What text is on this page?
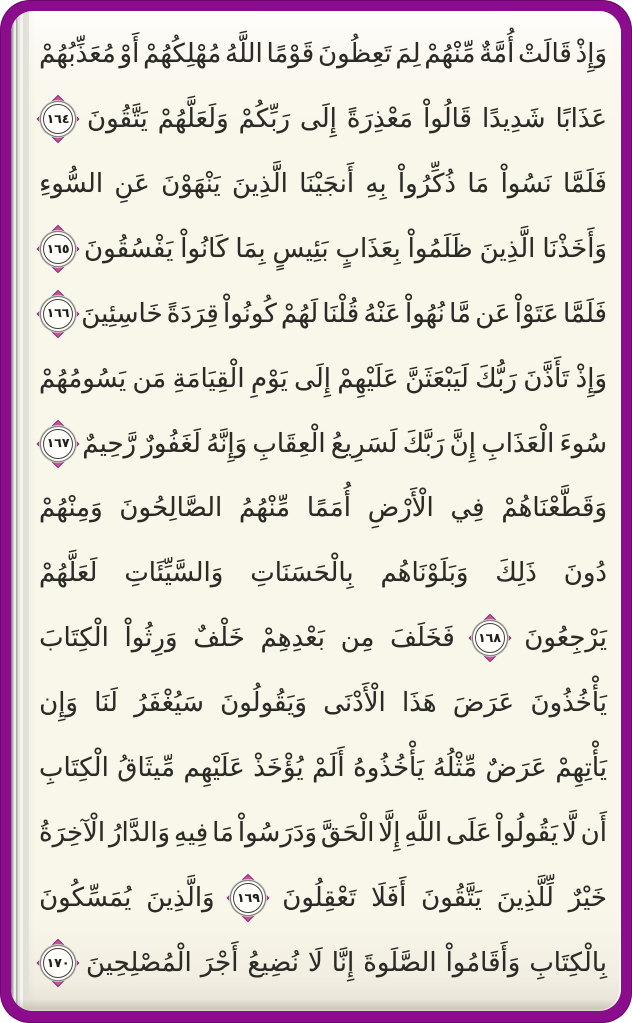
وَإِذْ
قَالَتْ
أُمَّةٌ
مِّنْهُمْ
لِمَ
تَعِظُونَ
قَوْمًا
اللَّهُ
مُهْلِكُهُمْ
أَوْ
مُعَذِّبُهُمْ
عَذَابًا
شَدِيدًا
قَالُواْ
مَعْذِرَةً
إِلَى
رَبِّكُمْ
وَلَعَلَّهُمْ
يَتَّقُونَ
١٦٤
فَلَمَّا
نَسُواْ
مَا
ذُكِّرُواْ
بِهِ
أَنجَيْنَا
الَّذِينَ
يَنْهَوْنَ
عَنِ
السُّوءِ
وَأَخَذْنَا
الَّذِينَ
ظَلَمُواْ
بِعَذَابٍ
بَئِيسٍ
بِمَا
كَانُواْ
يَفْسُقُونَ
١٦٥
فَلَمَّا
عَتَوْاْ
عَن
مَّا
نُهُواْ
عَنْهُ
قُلْنَا
لَهُمْ
كُونُواْ
قِرَدَةً
خَاسِئِينَ
١٦٦
وَإِذْ
تَأَذَّنَ
رَبُّكَ
لَيَبْعَثَنَّ
عَلَيْهِمْ
إِلَى
يَوْمِ
الْقِيَامَةِ
مَن
يَسُومُهُمْ
سُوءَ
الْعَذَابِ
إِنَّ
رَبَّكَ
لَسَرِيعُ
الْعِقَابِ
وَإِنَّهُ
لَغَفُورٌ
رَّحِيمٌ
١٦٧
وَقَطَّعْنَاهُمْ
فِي
الْأَرْضِ
أُمَمًا
مِّنْهُمُ
الصَّالِحُونَ
وَمِنْهُمْ
دُونَ
ذَلِكَ
وَبَلَوْنَاهُم
بِالْحَسَنَاتِ
وَالسَّيِّئَاتِ
لَعَلَّهُمْ
يَرْجِعُونَ
١٦٨
فَخَلَفَ
مِن
بَعْدِهِمْ
خَلْفٌ
وَرِثُواْ
الْكِتَابَ
يَأْخُذُونَ
عَرَضَ
هَذَا
الْأَدْنَى
وَيَقُولُونَ
سَيُغْفَرُ
لَنَا
وَإِن
يَأْتِهِمْ
عَرَضٌ
مِّثْلُهُ
يَأْخُذُوهُ
أَلَمْ
يُؤْخَذْ
عَلَيْهِم
مِّيثَاقُ
الْكِتَابِ
أَن
لَّا
يَقُولُواْ
عَلَى
اللَّهِ
إِلَّا
الْحَقَّ
وَدَرَسُواْ
مَا
فِيهِ
وَالدَّارُ
الْآخِرَةُ
خَيْرٌ
لِّلَّذِينَ
يَتَّقُونَ
أَفَلَا
تَعْقِلُونَ
١٦٩
وَالَّذِينَ
يُمَسِّكُونَ
بِالْكِتَابِ
وَأَقَامُواْ
الصَّلَوةَ
إِنَّا
لَا
نُضِيعُ
أَجْرَ
الْمُصْلِحِينَ
١٧٠
